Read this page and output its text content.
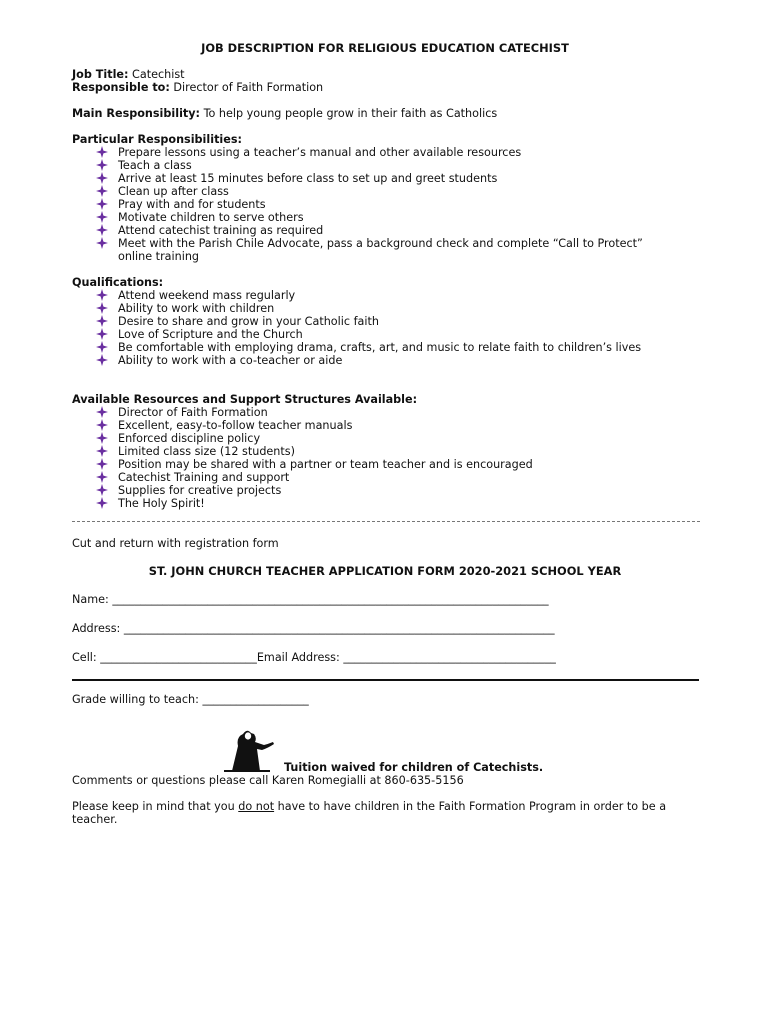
JOB DESCRIPTION FOR RELIGIOUS EDUCATION CATECHIST
Job Title: Catechist
Responsible to: Director of Faith Formation
Main Responsibility: To help young people grow in their faith as Catholics
Particular Responsibilities:
Prepare lessons using a teacher’s manual and other available resources
Teach a class
Arrive at least 15 minutes before class to set up and greet students
Clean up after class
Pray with and for students
Motivate children to serve others
Attend catechist training as required
Meet with the Parish Chile Advocate, pass a background check and complete “Call to Protect” online training
Qualifications:
Attend weekend mass regularly
Ability to work with children
Desire to share and grow in your Catholic faith
Love of Scripture and the Church
Be comfortable with employing drama, crafts, art, and music to relate faith to children’s lives
Ability to work with a co-teacher or aide
Available Resources and Support Structures Available:
Director of Faith Formation
Excellent, easy-to-follow teacher manuals
Enforced discipline policy
Limited class size (12 students)
Position may be shared with a partner or team teacher and is encouraged
Catechist Training and support
Supplies for creative projects
The Holy Spirit!
Cut and return with registration form
ST. JOHN CHURCH TEACHER APPLICATION FORM 2020-2021 SCHOOL YEAR
Name: ______________________________________________________________________________
Address: _____________________________________________________________________________
Cell: ____________________________Email Address: ______________________________________
Grade willing to teach: ___________________
Tuition waived for children of Catechists.
Comments or questions please call Karen Romegialli at 860-635-5156
Please keep in mind that you do not have to have children in the Faith Formation Program in order to be a teacher.
